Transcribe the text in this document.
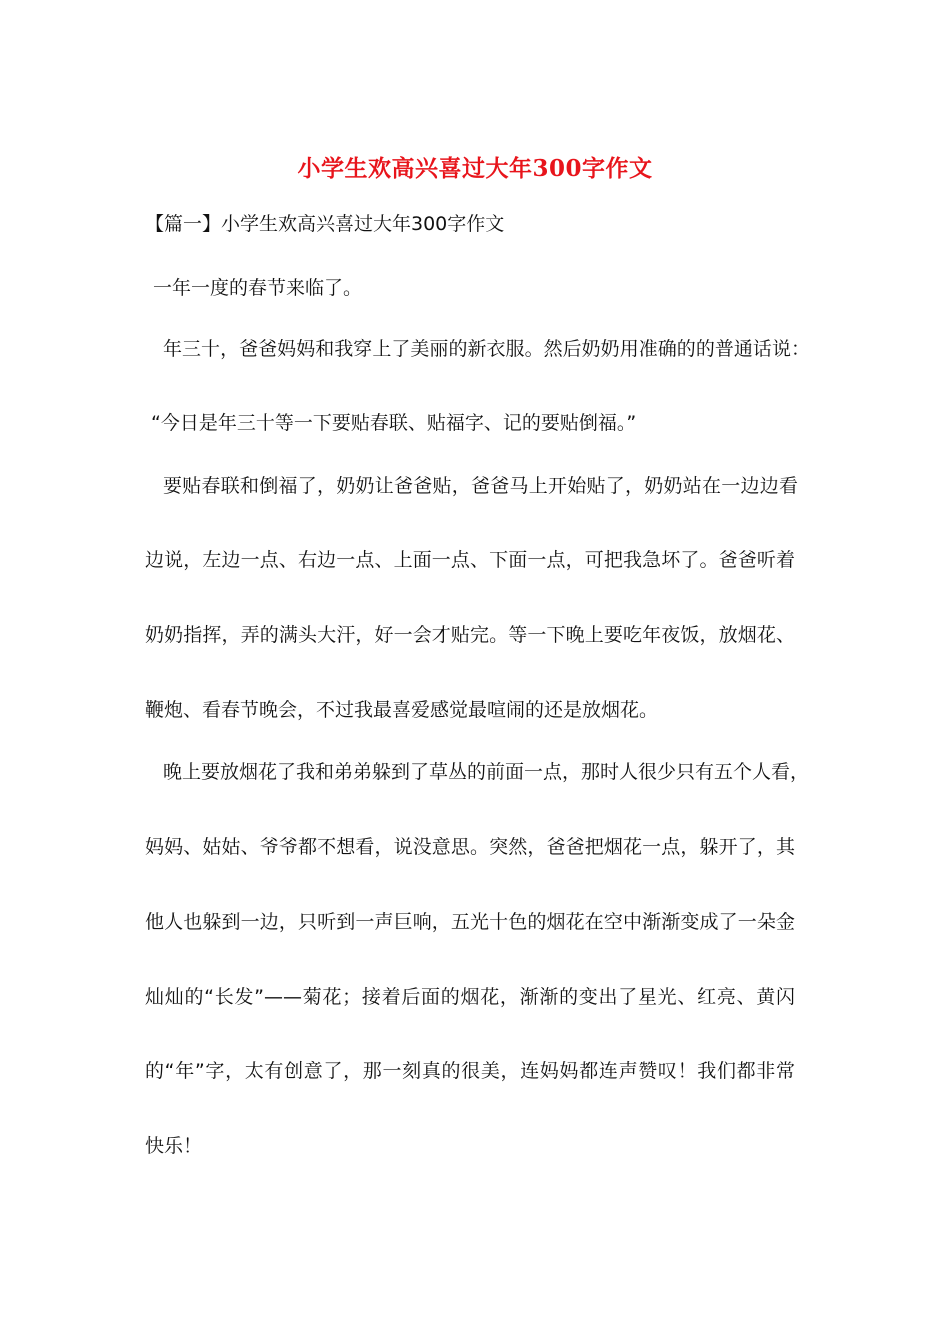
小学生欢高兴喜过大年300字作文
【篇一】小学生欢高兴喜过大年300字作文
一年一度的春节来临了。
年三十，爸爸妈妈和我穿上了美丽的新衣服。然后奶奶用准确的的普通话说：
“今日是年三十等一下要贴春联、贴福字、记的要贴倒福。”
要贴春联和倒福了，奶奶让爸爸贴，爸爸马上开始贴了，奶奶站在一边边看
边说，左边一点、右边一点、上面一点、下面一点，可把我急坏了。爸爸听着
奶奶指挥，弄的满头大汗，好一会才贴完。等一下晚上要吃年夜饭，放烟花、
鞭炮、看春节晚会，不过我最喜爱感觉最喧闹的还是放烟花。
晚上要放烟花了我和弟弟躲到了草丛的前面一点，那时人很少只有五个人看，
妈妈、姑姑、爷爷都不想看，说没意思。突然，爸爸把烟花一点，躲开了，其
他人也躲到一边，只听到一声巨响，五光十色的烟花在空中渐渐变成了一朵金
灿灿的“长发”——菊花；接着后面的烟花，渐渐的变出了星光、红亮、黄闪
的“年”字，太有创意了，那一刻真的很美，连妈妈都连声赞叹！我们都非常
快乐！
